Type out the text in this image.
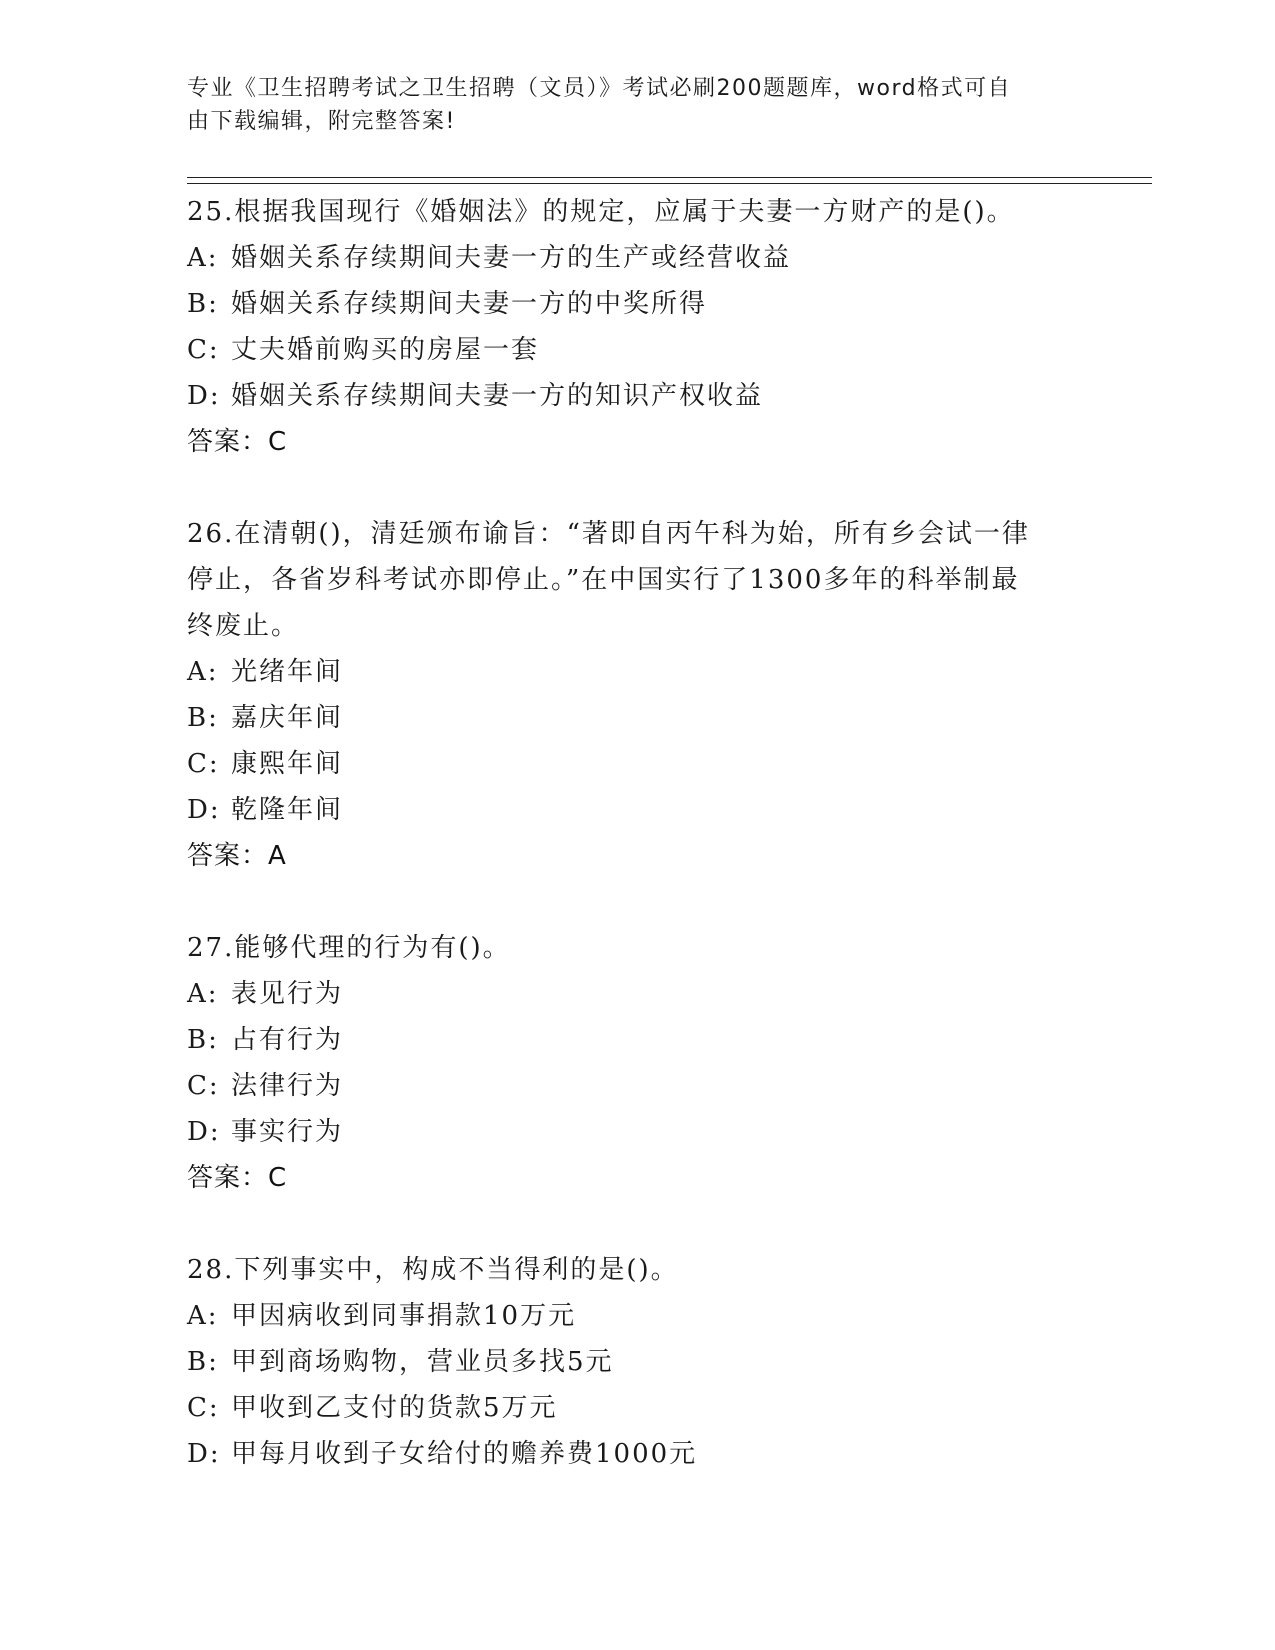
专业《卫生招聘考试之卫生招聘（文员）》考试必刷200题题库，word格式可自
由下载编辑，附完整答案!
25.根据我国现行《婚姻法》的规定，应属于夫妻一方财产的是()。
A: 婚姻关系存续期间夫妻一方的生产或经营收益
B: 婚姻关系存续期间夫妻一方的中奖所得
C: 丈夫婚前购买的房屋一套
D: 婚姻关系存续期间夫妻一方的知识产权收益
答案：C
26.在清朝()，清廷颁布谕旨：“著即自丙午科为始，所有乡会试一律
停止，各省岁科考试亦即停止。”在中国实行了1300多年的科举制最
终废止。
A: 光绪年间
B: 嘉庆年间
C: 康熙年间
D: 乾隆年间
答案：A
27.能够代理的行为有()。
A: 表见行为
B: 占有行为
C: 法律行为
D: 事实行为
答案：C
28.下列事实中，构成不当得利的是()。
A: 甲因病收到同事捐款10万元
B: 甲到商场购物，营业员多找5元
C: 甲收到乙支付的货款5万元
D: 甲每月收到子女给付的赡养费1000元
